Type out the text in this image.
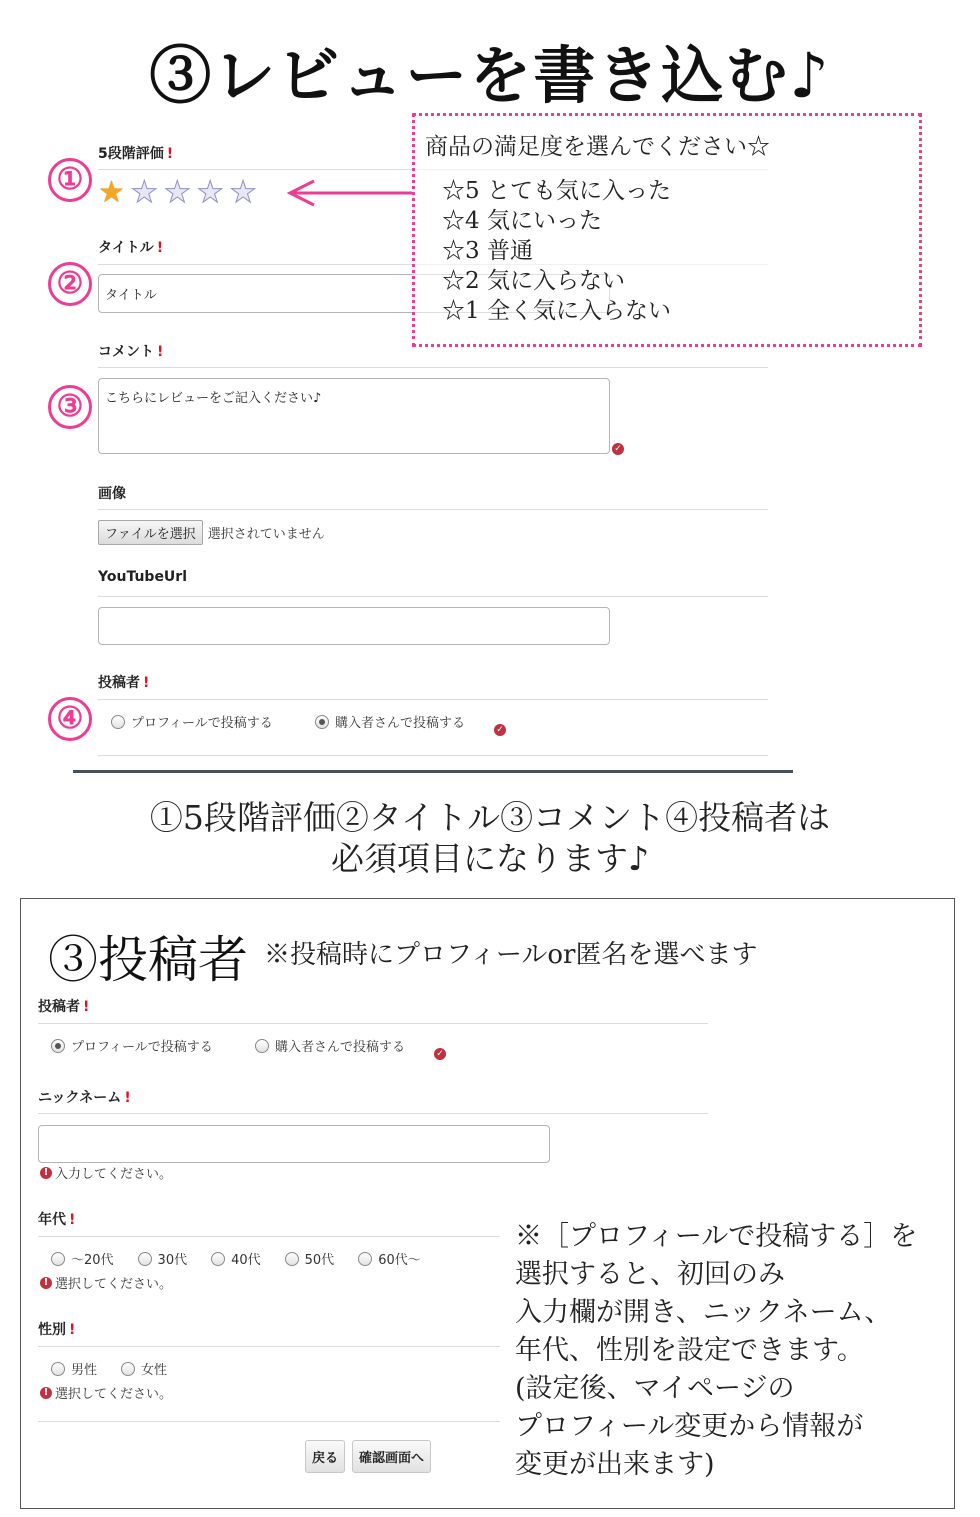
③レビューを書き込む♪
5段階評価 !
① ★ ★ ★ ★ ★
タイトル !
②	タイトル
コメント !
③	こちらにレビューをご記入ください♪
✓
画像
ファイルを選択 選択されていません
YouTubeUrl
投稿者 !
④	プロフィールで投稿する	購入者さんで投稿する	✓
商品の満足度を選んでください☆
☆5 とても気に入った
☆4 気にいった
☆3 普通
☆2 気に入らない
☆1 全く気に入らない
①5段階評価②タイトル③コメント④投稿者は
必須項目になります♪
③投稿者 ※投稿時にプロフィールor匿名を選べます
投稿者 !
プロフィールで投稿する	購入者さんで投稿する	✓
ニックネーム !
! 入力してください。
年代 !
～20代	30代	40代	50代	60代～
! 選択してください。
性別 !
男性	女性
! 選択してください。
戻る	確認画面へ
※［プロフィールで投稿する］を
選択すると、初回のみ
入力欄が開き、ニックネーム、
年代、性別を設定できます。
(設定後、マイページの
プロフィール変更から情報が
変更が出来ます)
